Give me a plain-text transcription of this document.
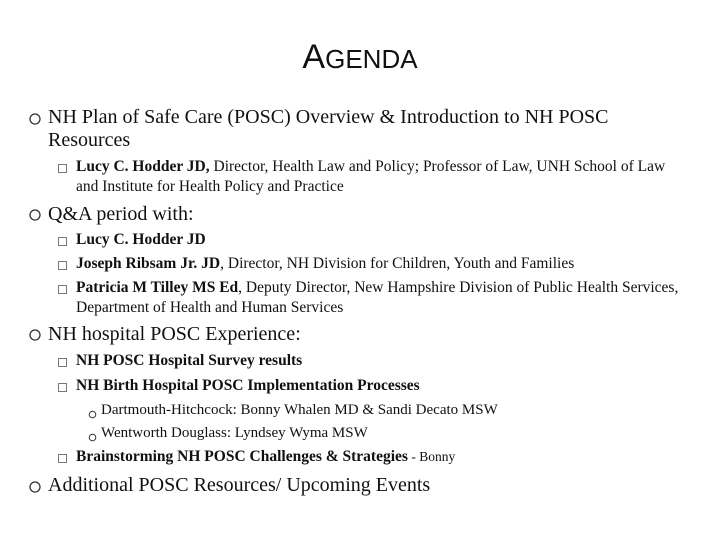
AGENDA
NH Plan of Safe Care (POSC) Overview & Introduction to NH POSC Resources
Lucy C. Hodder JD, Director, Health Law and Policy; Professor of Law, UNH School of Law and Institute for Health Policy and Practice
Q&A period with:
Lucy C. Hodder JD
Joseph Ribsam Jr. JD, Director, NH Division for Children, Youth and Families
Patricia M Tilley MS Ed, Deputy Director, New Hampshire Division of Public Health Services, Department of Health and Human Services
NH hospital POSC Experience:
NH POSC Hospital Survey results
NH Birth Hospital POSC Implementation Processes
Dartmouth-Hitchcock: Bonny Whalen MD & Sandi Decato MSW
Wentworth Douglass: Lyndsey Wyma MSW
Brainstorming NH POSC Challenges & Strategies - Bonny
Additional POSC Resources/ Upcoming Events
